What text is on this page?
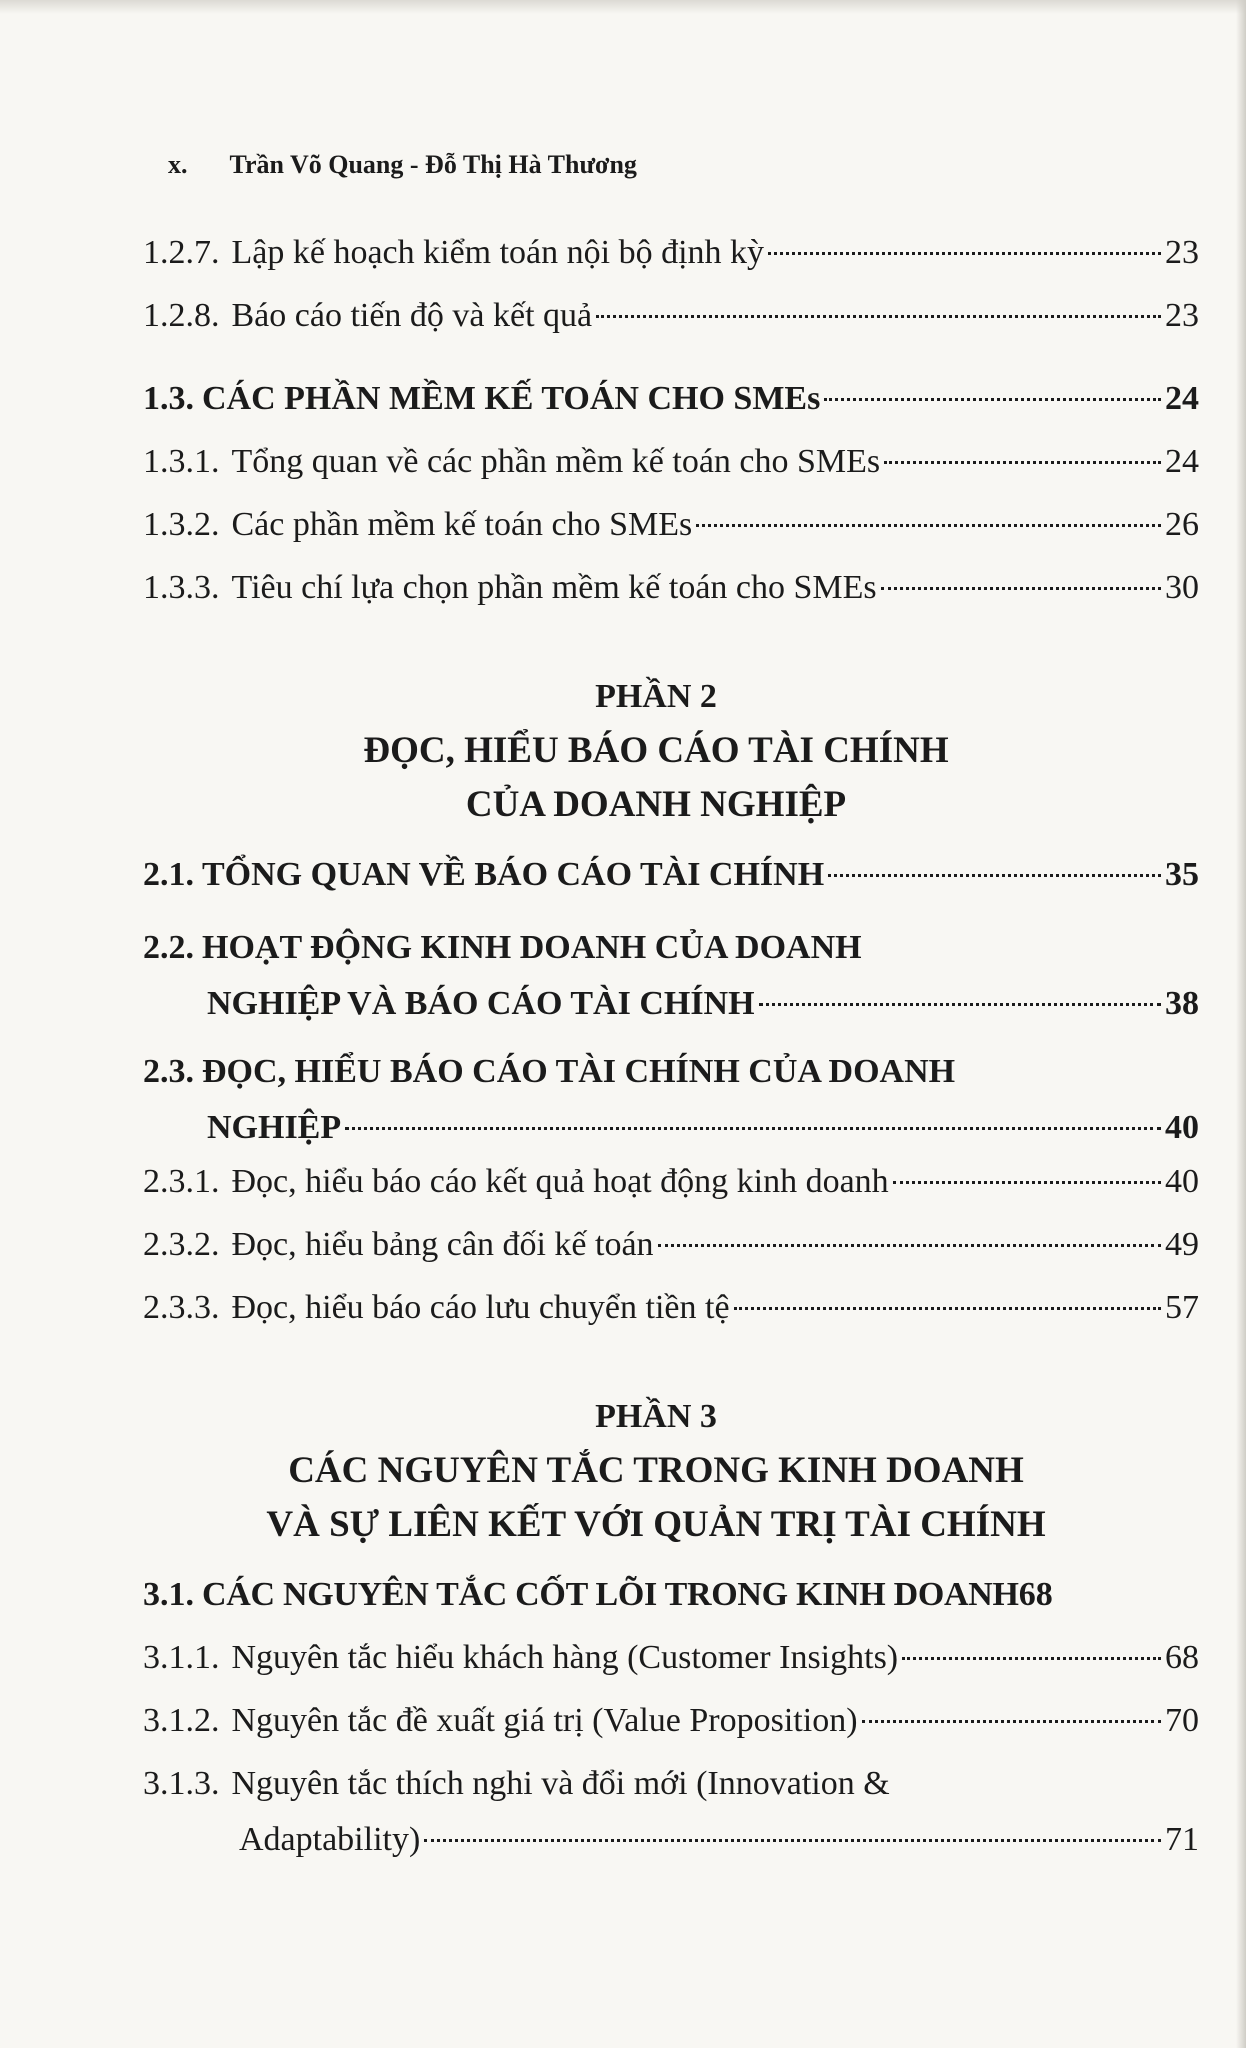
x. Trần Võ Quang - Đỗ Thị Hà Thương
1.2.7. Lập kế hoạch kiểm toán nội bộ định kỳ	23
1.2.8. Báo cáo tiến độ và kết quả	23
1.3. CÁC PHẦN MỀM KẾ TOÁN CHO SMEs	24
1.3.1. Tổng quan về các phần mềm kế toán cho SMEs	24
1.3.2. Các phần mềm kế toán cho SMEs	26
1.3.3. Tiêu chí lựa chọn phần mềm kế toán cho SMEs	30
PHẦN 2
ĐỌC, HIỂU BÁO CÁO TÀI CHÍNH
CỦA DOANH NGHIỆP
2.1. TỔNG QUAN VỀ BÁO CÁO TÀI CHÍNH	35
2.2. HOẠT ĐỘNG KINH DOANH CỦA DOANH
NGHIỆP VÀ BÁO CÁO TÀI CHÍNH	38
2.3. ĐỌC, HIỂU BÁO CÁO TÀI CHÍNH CỦA DOANH
NGHIỆP	40
2.3.1. Đọc, hiểu báo cáo kết quả hoạt động kinh doanh	40
2.3.2. Đọc, hiểu bảng cân đối kế toán	49
2.3.3. Đọc, hiểu báo cáo lưu chuyển tiền tệ	57
PHẦN 3
CÁC NGUYÊN TẮC TRONG KINH DOANH
VÀ SỰ LIÊN KẾT VỚI QUẢN TRỊ TÀI CHÍNH
3.1. CÁC NGUYÊN TẮC CỐT LÕI TRONG KINH DOANH 68
3.1.1. Nguyên tắc hiểu khách hàng (Customer Insights)	68
3.1.2. Nguyên tắc đề xuất giá trị (Value Proposition)	70
3.1.3. Nguyên tắc thích nghi và đổi mới (Innovation &
Adaptability)	71
